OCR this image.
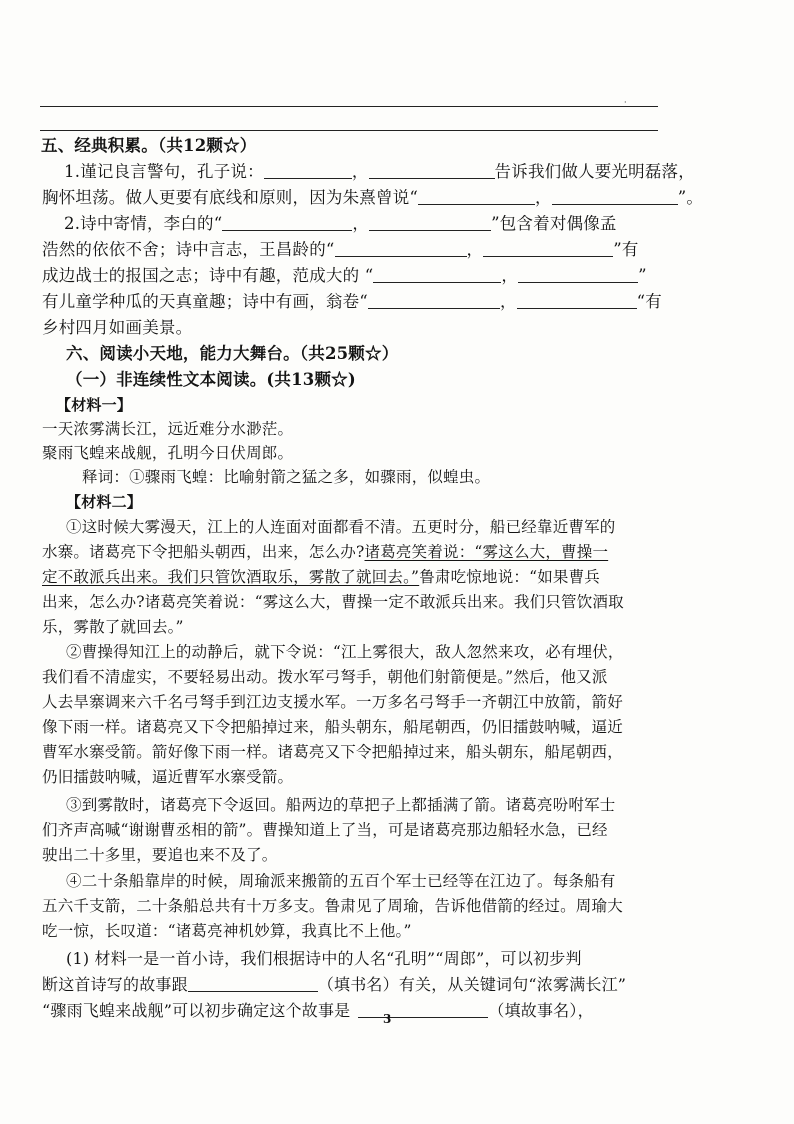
·
五、经典积累。（共12颗☆）
1.谨记良言警句，孔子说：	，	告诉我们做人要光明磊落，
胸怀坦荡。做人更要有底线和原则，因为朱熹曾说“	，	”。
2.诗中寄情，李白的“	，	”包含着对偶像孟
浩然的依依不舍；诗中言志，王昌龄的“	，	”有
成边战士的报国之志；诗中有趣，范成大的 “	，	”
有儿童学种瓜的天真童趣；诗中有画，翁卷“	，	“有
乡村四月如画美景。
六、阅读小天地，能力大舞台。（共25颗☆）
（一）非连续性文本阅读。(共13颗☆)
【材料一】
一天浓雾满长江，远近难分水渺茫。
聚雨飞蝗来战舰，孔明今日伏周郎。
释词：①骤雨飞蝗：比喻射箭之猛之多，如骤雨，似蝗虫。
【材料二】
①这时候大雾漫天，江上的人连面对面都看不清。五更时分，船已经靠近曹军的
水寨。诸葛亮下令把船头朝西，出来，怎么办?诸葛亮笑着说：“雾这么大，曹操一
定不敢派兵出来。我们只管饮酒取乐，雾散了就回去。”鲁肃吃惊地说：“如果曹兵
出来，怎么办?诸葛亮笑着说：“雾这么大，曹操一定不敢派兵出来。我们只管饮酒取
乐，雾散了就回去。”
②曹操得知江上的动静后，就下令说：“江上雾很大，敌人忽然来攻，必有埋伏，
我们看不清虚实，不要轻易出动。拨水军弓弩手，朝他们射箭便是。”然后，他又派
人去旱寨调来六千名弓弩手到江边支援水军。一万多名弓弩手一齐朝江中放箭，箭好
像下雨一样。诸葛亮又下令把船掉过来，船头朝东，船尾朝西，仍旧擂鼓呐喊，逼近
曹军水寨受箭。箭好像下雨一样。诸葛亮又下令把船掉过来，船头朝东，船尾朝西，
仍旧擂鼓呐喊，逼近曹军水寨受箭。
③到雾散时，诸葛亮下令返回。船两边的草把子上都插满了箭。诸葛亮吩咐军士
们齐声高喊“谢谢曹丞相的箭”。曹操知道上了当，可是诸葛亮那边船轻水急，已经
驶出二十多里，要追也来不及了。
④二十条船靠岸的时候，周瑜派来搬箭的五百个军士已经等在江边了。每条船有
五六千支箭，二十条船总共有十万多支。鲁肃见了周瑜，告诉他借箭的经过。周瑜大
吃一惊，长叹道：“诸葛亮神机妙算，我真比不上他。”
(1) 材料一是一首小诗，我们根据诗中的人名“孔明”“周郎”，可以初步判
断这首诗写的故事跟	（填书名）有关，从关键词句“浓雾满长江”
“骤雨飞蝗来战舰”可以初步确定这个故事是	（填故事名），
3
